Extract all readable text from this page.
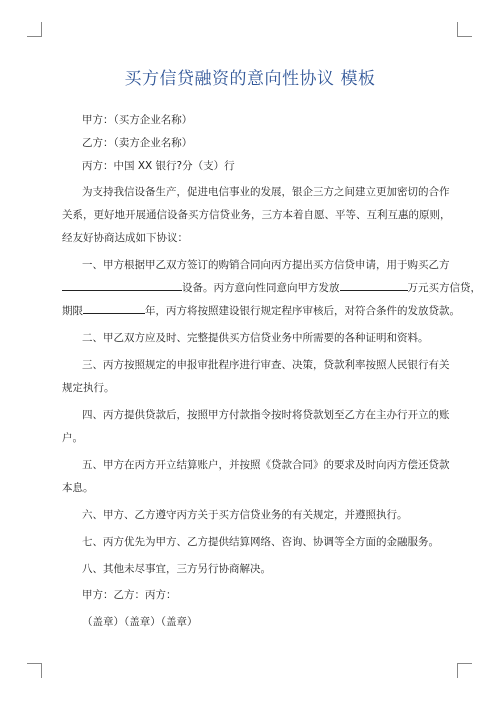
买方信贷融资的意向性协议 模板

甲方：（买方企业名称）

乙方：（卖方企业名称）

丙方：中国 XX 银行?分（支）行

为支持我信设备生产，促进电信事业的发展，银企三方之间建立更加密切的合作
关系，更好地开展通信设备买方信贷业务，三方本着自愿、平等、互利互惠的原则，
经友好协商达成如下协议：
一、甲方根据甲乙双方签订的购销合同向丙方提出买方信贷申请，用于购买乙方
设备。丙方意向性同意向甲方发放	万元买方信贷，
期限	年，丙方将按照建设银行规定程序审核后，对符合条件的发放贷款。
二、甲乙双方应及时、完整提供买方信贷业务中所需要的各种证明和资料。
三、丙方按照规定的申报审批程序进行审查、决策，贷款利率按照人民银行有关
规定执行。
四、丙方提供贷款后，按照甲方付款指令按时将贷款划至乙方在主办行开立的账
户。
五、甲方在丙方开立结算账户，并按照《贷款合同》的要求及时向丙方偿还贷款
本息。
六、甲方、乙方遵守丙方关于买方信贷业务的有关规定，并遵照执行。
七、丙方优先为甲方、乙方提供结算网络、咨询、协调等全方面的金融服务。
八、其他未尽事宜，三方另行协商解决。

甲方：乙方：丙方：

（盖章）（盖章）（盖章）
